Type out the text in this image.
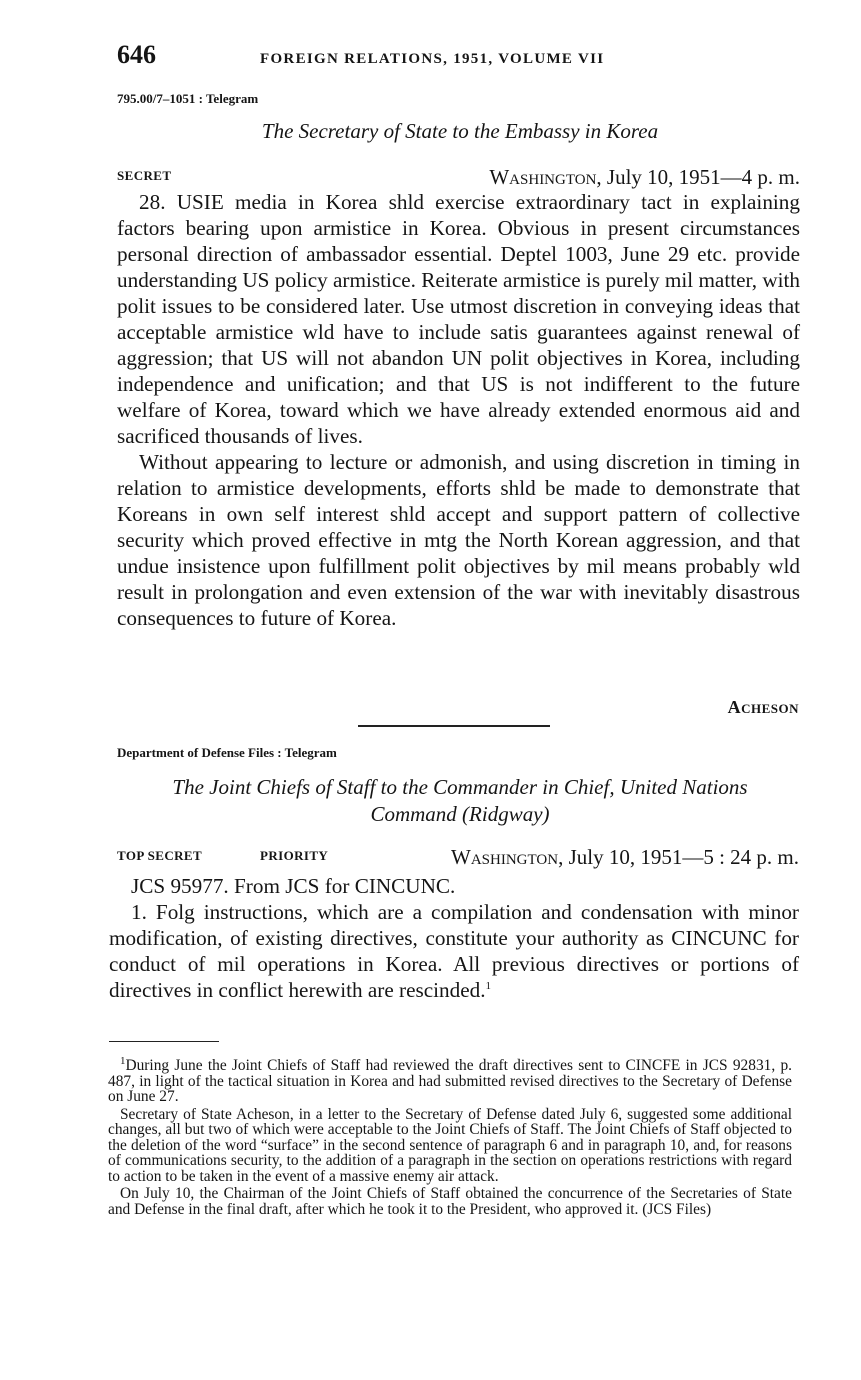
646	FOREIGN RELATIONS, 1951, VOLUME VII
795.00/7–1051 : Telegram
The Secretary of State to the Embassy in Korea
SECRET	Washington, July 10, 1951—4 p. m.

28. USIE media in Korea shld exercise extraordinary tact in explaining factors bearing upon armistice in Korea. Obvious in present circumstances personal direction of ambassador essential. Deptel 1003, June 29 etc. provide understanding US policy armistice. Reiterate armistice is purely mil matter, with polit issues to be considered later. Use utmost discretion in conveying ideas that acceptable armistice wld have to include satis guarantees against renewal of aggression; that US will not abandon UN polit objectives in Korea, including independence and unification; and that US is not indifferent to the future welfare of Korea, toward which we have already extended enormous aid and sacrificed thousands of lives.

Without appearing to lecture or admonish, and using discretion in timing in relation to armistice developments, efforts shld be made to demonstrate that Koreans in own self interest shld accept and support pattern of collective security which proved effective in mtg the North Korean aggression, and that undue insistence upon fulfillment polit objectives by mil means probably wld result in prolongation and even extension of the war with inevitably disastrous consequences to future of Korea.

Acheson
Department of Defense Files : Telegram
The Joint Chiefs of Staff to the Commander in Chief, United Nations
Command (Ridgway)
TOP SECRET	PRIORITY	Washington, July 10, 1951—5 : 24 p. m.

JCS 95977. From JCS for CINCUNC.

1. Folg instructions, which are a compilation and condensation with minor modification, of existing directives, constitute your authority as CINCUNC for conduct of mil operations in Korea. All previous directives or portions of directives in conflict herewith are rescinded.$^1$

$^1$During June the Joint Chiefs of Staff had reviewed the draft directives sent to CINCFE in JCS 92831, p. 487, in light of the tactical situation in Korea and had submitted revised directives to the Secretary of Defense on June 27.

Secretary of State Acheson, in a letter to the Secretary of Defense dated July 6, suggested some additional changes, all but two of which were acceptable to the Joint Chiefs of Staff. The Joint Chiefs of Staff objected to the deletion of the word “surface” in the second sentence of paragraph 6 and in paragraph 10, and, for reasons of communications security, to the addition of a paragraph in the section on operations restrictions with regard to action to be taken in the event of a massive enemy air attack.

On July 10, the Chairman of the Joint Chiefs of Staff obtained the concurrence of the Secretaries of State and Defense in the final draft, after which he took it to the President, who approved it. (JCS Files)
